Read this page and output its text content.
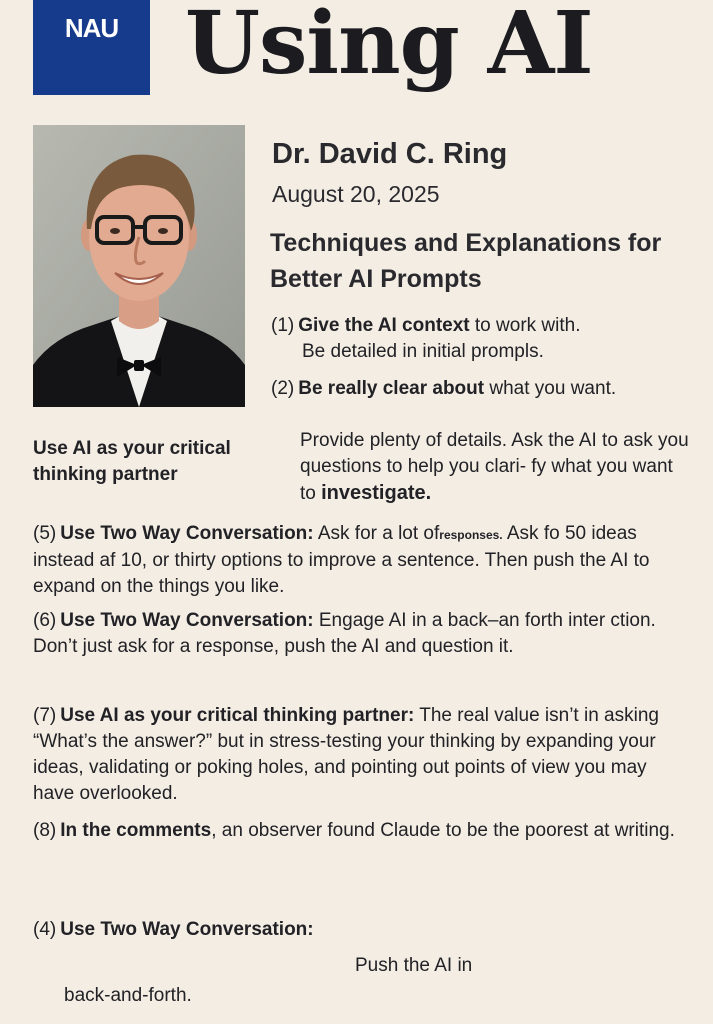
NAU Using AI
Dr. David C. Ring
August 20, 2025
Techniques and Explanations for Better AI Prompts
(1) Give the AI context to work with.
Be detailed in initial prompls.
(2) Be really clear about what you want.
Use AI as your critical thinking partner
Provide plenty of details. Ask the AI to ask you questions to help you clari- fy what you want to investigate.
(5) Use Two Way Conversation: Ask for a lot ofresponses. Ask fo 50 ideas instead af 10, or thirty options to improve a sentence. Then push the AI to expand on the things you like.
(6) Use Two Way Conversation: Engage AI in a back–an forth inter ction. Don’t just ask for a response, push the AI and question it.
(7) Use AI as your critical thinking partner: The real value isn’t in asking “What’s the answer?” but in stress-testing your thinking by expanding your ideas, validating or poking holes, and pointing out points of view you may have overlooked.
(8) In the comments, an observer found Claude to be the poorest at writing.
(4) Use Two Way Conversation:
Push the AI in
back-and-forth.
